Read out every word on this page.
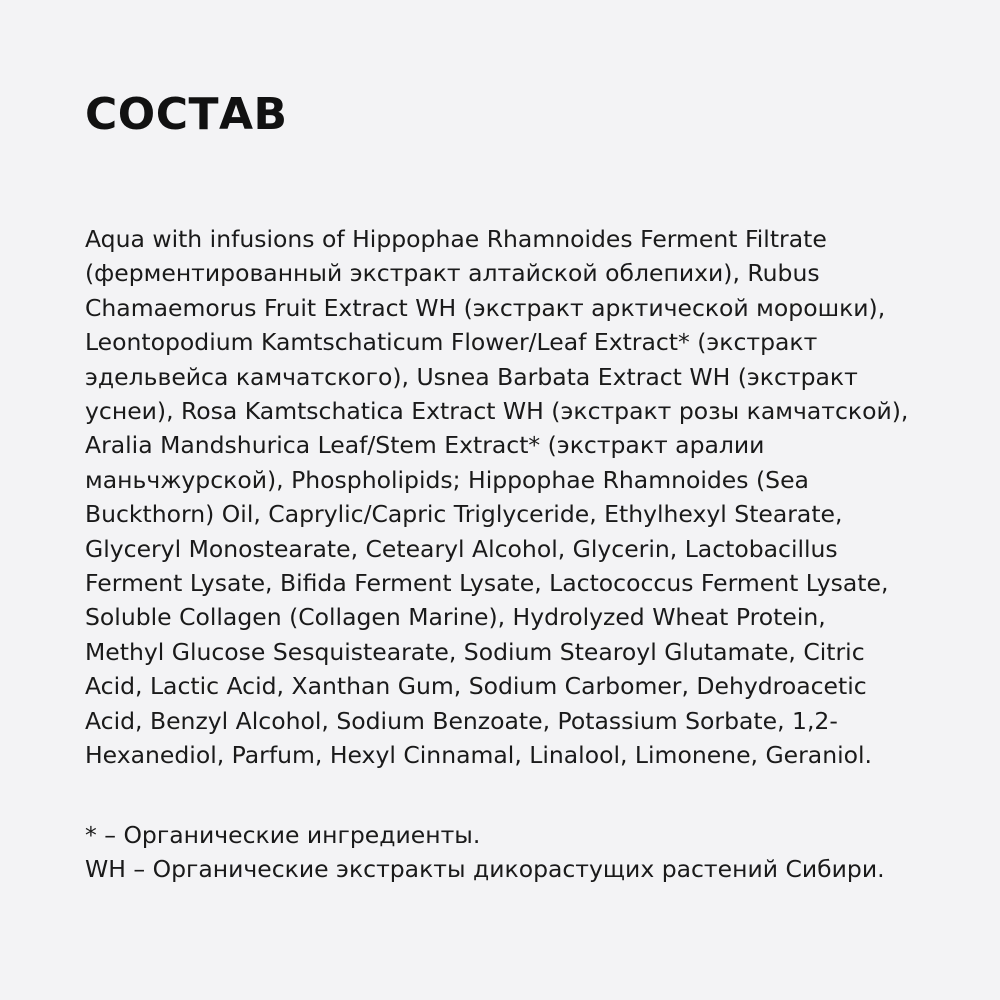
СОСТАВ

Aqua with infusions of Hippophae Rhamnoides Ferment Filtrate
(ферментированный экстракт алтайской облепихи), Rubus
Chamaemorus Fruit Extract WH (экстракт арктической морошки),
Leontopodium Kamtschaticum Flower/Leaf Extract* (экстракт
эдельвейса камчатского), Usnea Barbata Extract WH (экстракт
уснеи), Rosa Kamtschatica Extract WH (экстракт розы камчатской),
Aralia Mandshurica Leaf/Stem Extract* (экстракт аралии
маньчжурской), Phospholipids; Hippophae Rhamnoides (Sea
Buckthorn) Oil, Caprylic/Capric Triglyceride, Ethylhexyl Stearate,
Glyceryl Monostearate, Cetearyl Alcohol, Glycerin, Lactobacillus
Ferment Lysate, Bifida Ferment Lysate, Lactococcus Ferment Lysate,
Soluble Collagen (Collagen Marine), Hydrolyzed Wheat Protein,
Methyl Glucose Sesquistearate, Sodium Stearoyl Glutamate, Citric
Acid, Lactic Acid, Xanthan Gum, Sodium Carbomer, Dehydroacetic
Acid, Benzyl Alcohol, Sodium Benzoate, Potassium Sorbate, 1,2-
Hexanediol, Parfum, Hexyl Cinnamal, Linalool, Limonene, Geraniol.

* – Органические ингредиенты.
WH – Органические экстракты дикорастущих растений Сибири.
